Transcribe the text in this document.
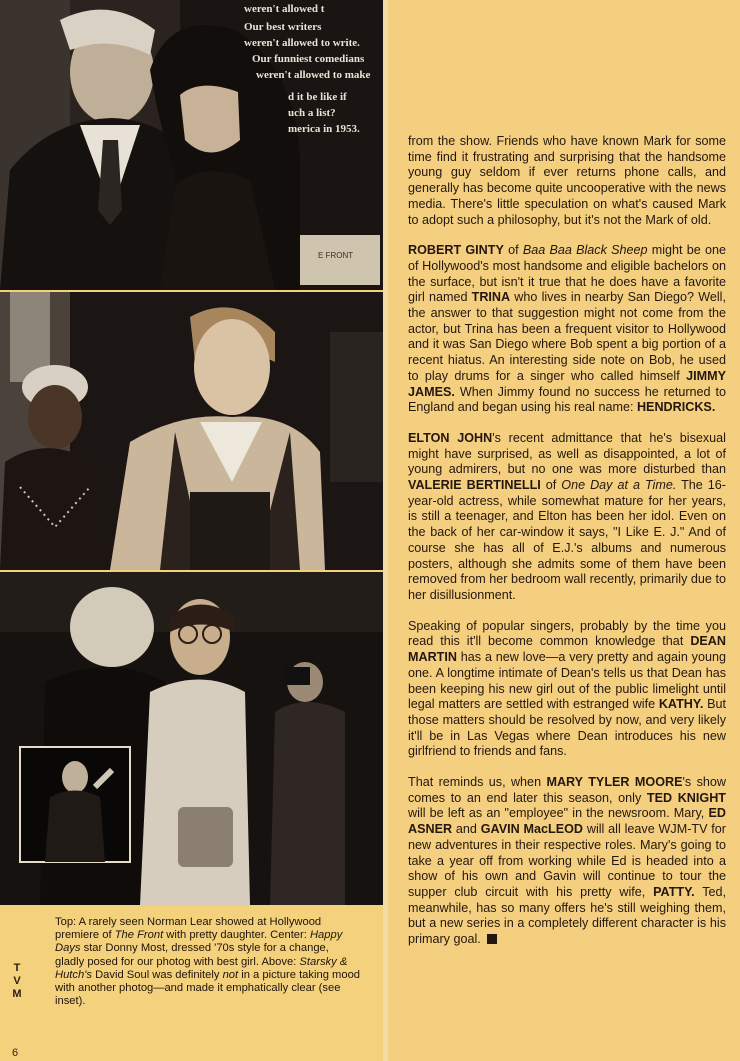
weren't allowed t
Our best writers
weren't allowed to write.
Our funniest comedians
weren't allowed to make
d it be like if
uch a list?
merica in 1953.
E FRONT
T
V
M
6
Top: A rarely seen Norman Lear showed at Hollywood premiere of The Front with pretty daughter. Center: Happy Days star Donny Most, dressed '70s style for a change, gladly posed for our photog with best girl. Above: Starsky & Hutch's David Soul was definitely not in a picture taking mood with another photog—and made it emphatically clear (see inset).

from the show. Friends who have known Mark for some time find it frustrating and surprising that the handsome young guy seldom if ever returns phone calls, and generally has become quite uncooperative with the news media. There's little speculation on what's caused Mark to adopt such a philosophy, but it's not the Mark of old.

ROBERT GINTY of Baa Baa Black Sheep might be one of Hollywood's most handsome and eligible bachelors on the surface, but isn't it true that he does have a favorite girl named TRINA who lives in nearby San Diego? Well, the answer to that suggestion might not come from the actor, but Trina has been a frequent visitor to Hollywood and it was San Diego where Bob spent a big portion of a recent hiatus. An interesting side note on Bob, he used to play drums for a singer who called himself JIMMY JAMES. When Jimmy found no success he returned to England and began using his real name: HENDRICKS.

ELTON JOHN's recent admittance that he's bisexual might have surprised, as well as disappointed, a lot of young admirers, but no one was more disturbed than VALERIE BERTINELLI of One Day at a Time. The 16-year-old actress, while somewhat mature for her years, is still a teenager, and Elton has been her idol. Even on the back of her car-window it says, "I Like E. J." And of course she has all of E.J.'s albums and numerous posters, although she admits some of them have been removed from her bedroom wall recently, primarily due to her disillusionment.

Speaking of popular singers, probably by the time you read this it'll become common knowledge that DEAN MARTIN has a new love—a very pretty and again young one. A longtime intimate of Dean's tells us that Dean has been keeping his new girl out of the public limelight until legal matters are settled with estranged wife KATHY. But those matters should be resolved by now, and very likely it'll be in Las Vegas where Dean introduces his new girlfriend to friends and fans.

That reminds us, when MARY TYLER MOORE's show comes to an end later this season, only TED KNIGHT will be left as an "employee" in the newsroom. Mary, ED ASNER and GAVIN MacLEOD will all leave WJM-TV for new adventures in their respective roles. Mary's going to take a year off from working while Ed is headed into a show of his own and Gavin will continue to tour the supper club circuit with his pretty wife, PATTY. Ted, meanwhile, has so many offers he's still weighing them, but a new series in a completely different character is his primary goal.
